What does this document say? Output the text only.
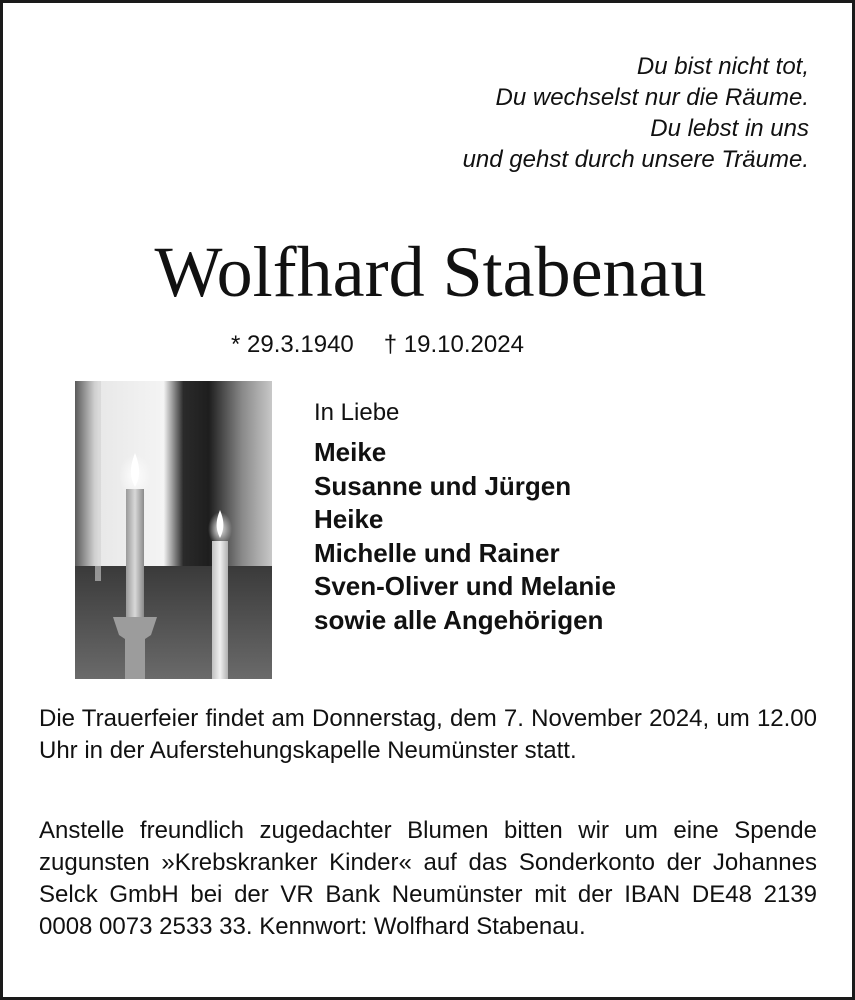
Du bist nicht tot,
Du wechselst nur die Räume.
Du lebst in uns
und gehst durch unsere Träume.
Wolfhard Stabenau
* 29.3.1940 † 19.10.2024
In Liebe
Meike
Susanne und Jürgen
Heike
Michelle und Rainer
Sven-Oliver und Melanie
sowie alle Angehörigen
Die Trauerfeier findet am Donnerstag, dem 7. November 2024, um 12.00 Uhr in der Auferstehungskapelle Neumünster statt.
Anstelle freundlich zugedachter Blumen bitten wir um eine Spende zugunsten »Krebskranker Kinder« auf das Sonderkonto der Johannes Selck GmbH bei der VR Bank Neumünster mit der IBAN DE48 2139 0008 0073 2533 33. Kennwort: Wolfhard Stabenau.
